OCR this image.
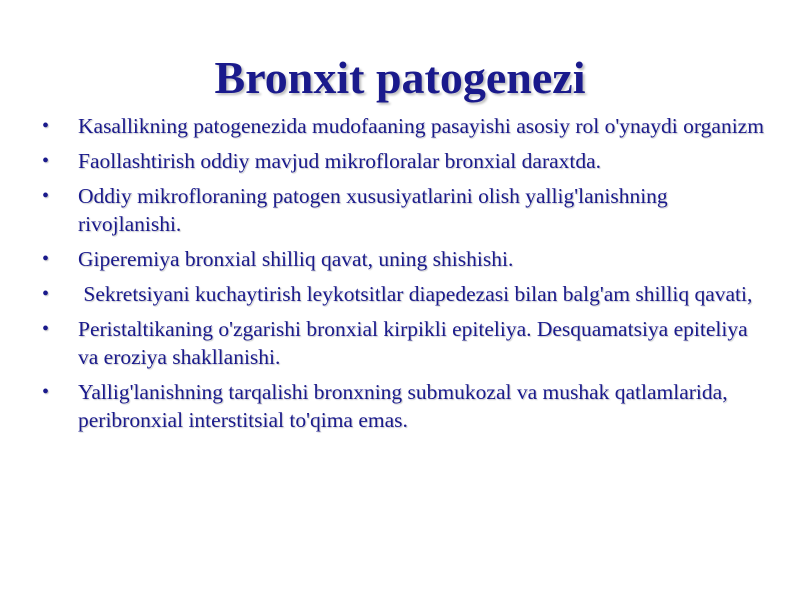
Bronxit patogenezi
•	Kasallikning patogenezida mudofaaning pasayishi asosiy rol o'ynaydi organizm
•	Faollashtirish oddiy mavjud mikrofloralar bronxial daraxtda.
•	Oddiy mikrofloraning patogen xususiyatlarini olish yallig'lanishning rivojlanishi.
•	Giperemiya bronxial shilliq qavat, uning shishishi.
•	Sekretsiyani kuchaytirish leykotsitlar diapedezasi bilan balg'am shilliq qavati,
•	Peristaltikaning o'zgarishi bronxial kirpikli epiteliya. Desquamatsiya epiteliya va eroziya shakllanishi.
•	Yallig'lanishning tarqalishi bronxning submukozal va mushak qatlamlarida, peribronxial interstitsial to'qima emas.
